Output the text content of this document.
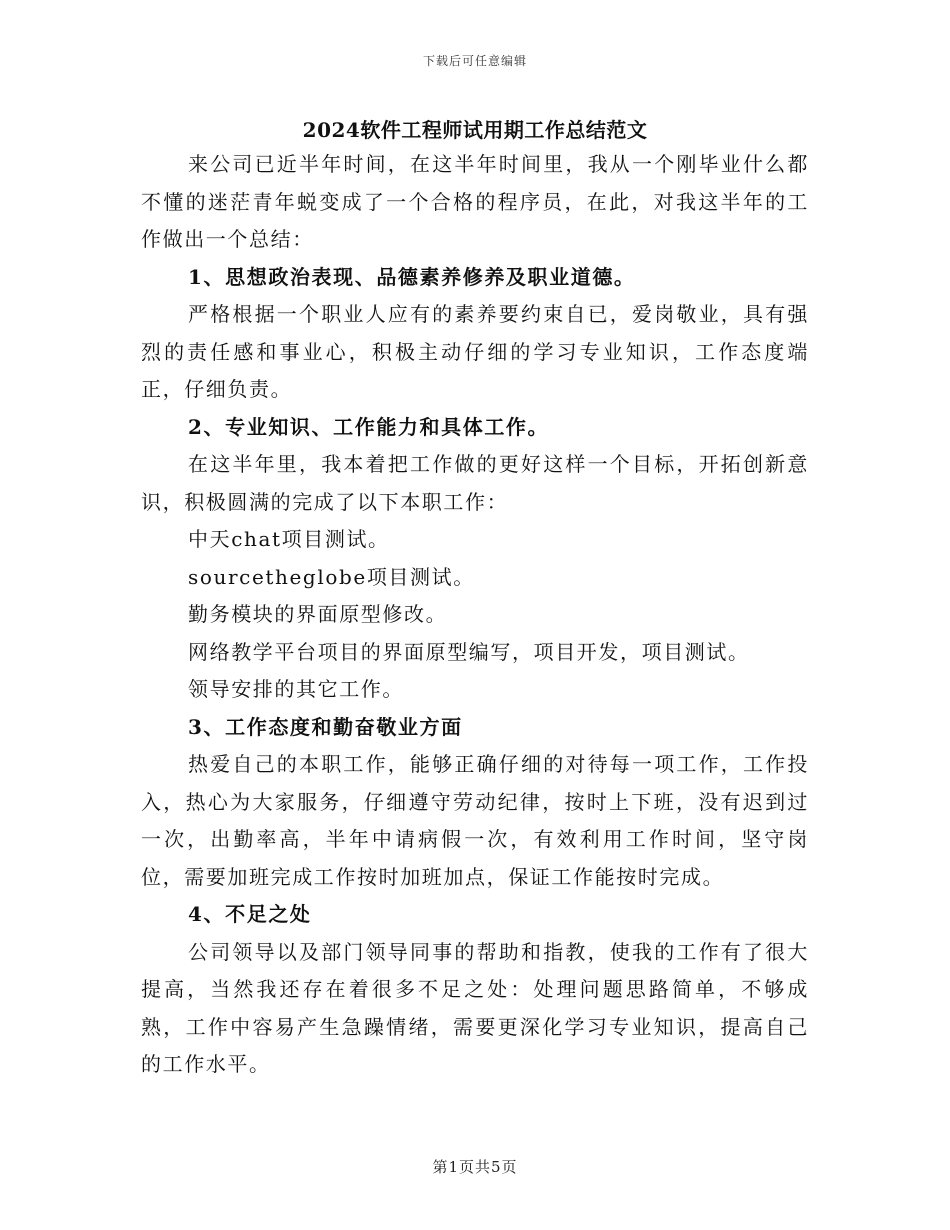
下载后可任意编辑
2024软件工程师试用期工作总结范文

来公司已近半年时间，在这半年时间里，我从一个刚毕业什么都不懂的迷茫青年蜕变成了一个合格的程序员，在此，对我这半年的工作做出一个总结：

1、思想政治表现、品德素养修养及职业道德。

严格根据一个职业人应有的素养要约束自已，爱岗敬业，具有强烈的责任感和事业心，积极主动仔细的学习专业知识，工作态度端正，仔细负责。

2、专业知识、工作能力和具体工作。

在这半年里，我本着把工作做的更好这样一个目标，开拓创新意识，积极圆满的完成了以下本职工作：

中天chat项目测试。

sourcetheglobe项目测试。

勤务模块的界面原型修改。

网络教学平台项目的界面原型编写，项目开发，项目测试。

领导安排的其它工作。

3、工作态度和勤奋敬业方面

热爱自己的本职工作，能够正确仔细的对待每一项工作，工作投入，热心为大家服务，仔细遵守劳动纪律，按时上下班，没有迟到过一次，出勤率高，半年中请病假一次，有效利用工作时间，坚守岗位，需要加班完成工作按时加班加点，保证工作能按时完成。

4、不足之处

公司领导以及部门领导同事的帮助和指教，使我的工作有了很大提高，当然我还存在着很多不足之处：处理问题思路简单，不够成熟，工作中容易产生急躁情绪，需要更深化学习专业知识，提高自己的工作水平。

第1页共5页
